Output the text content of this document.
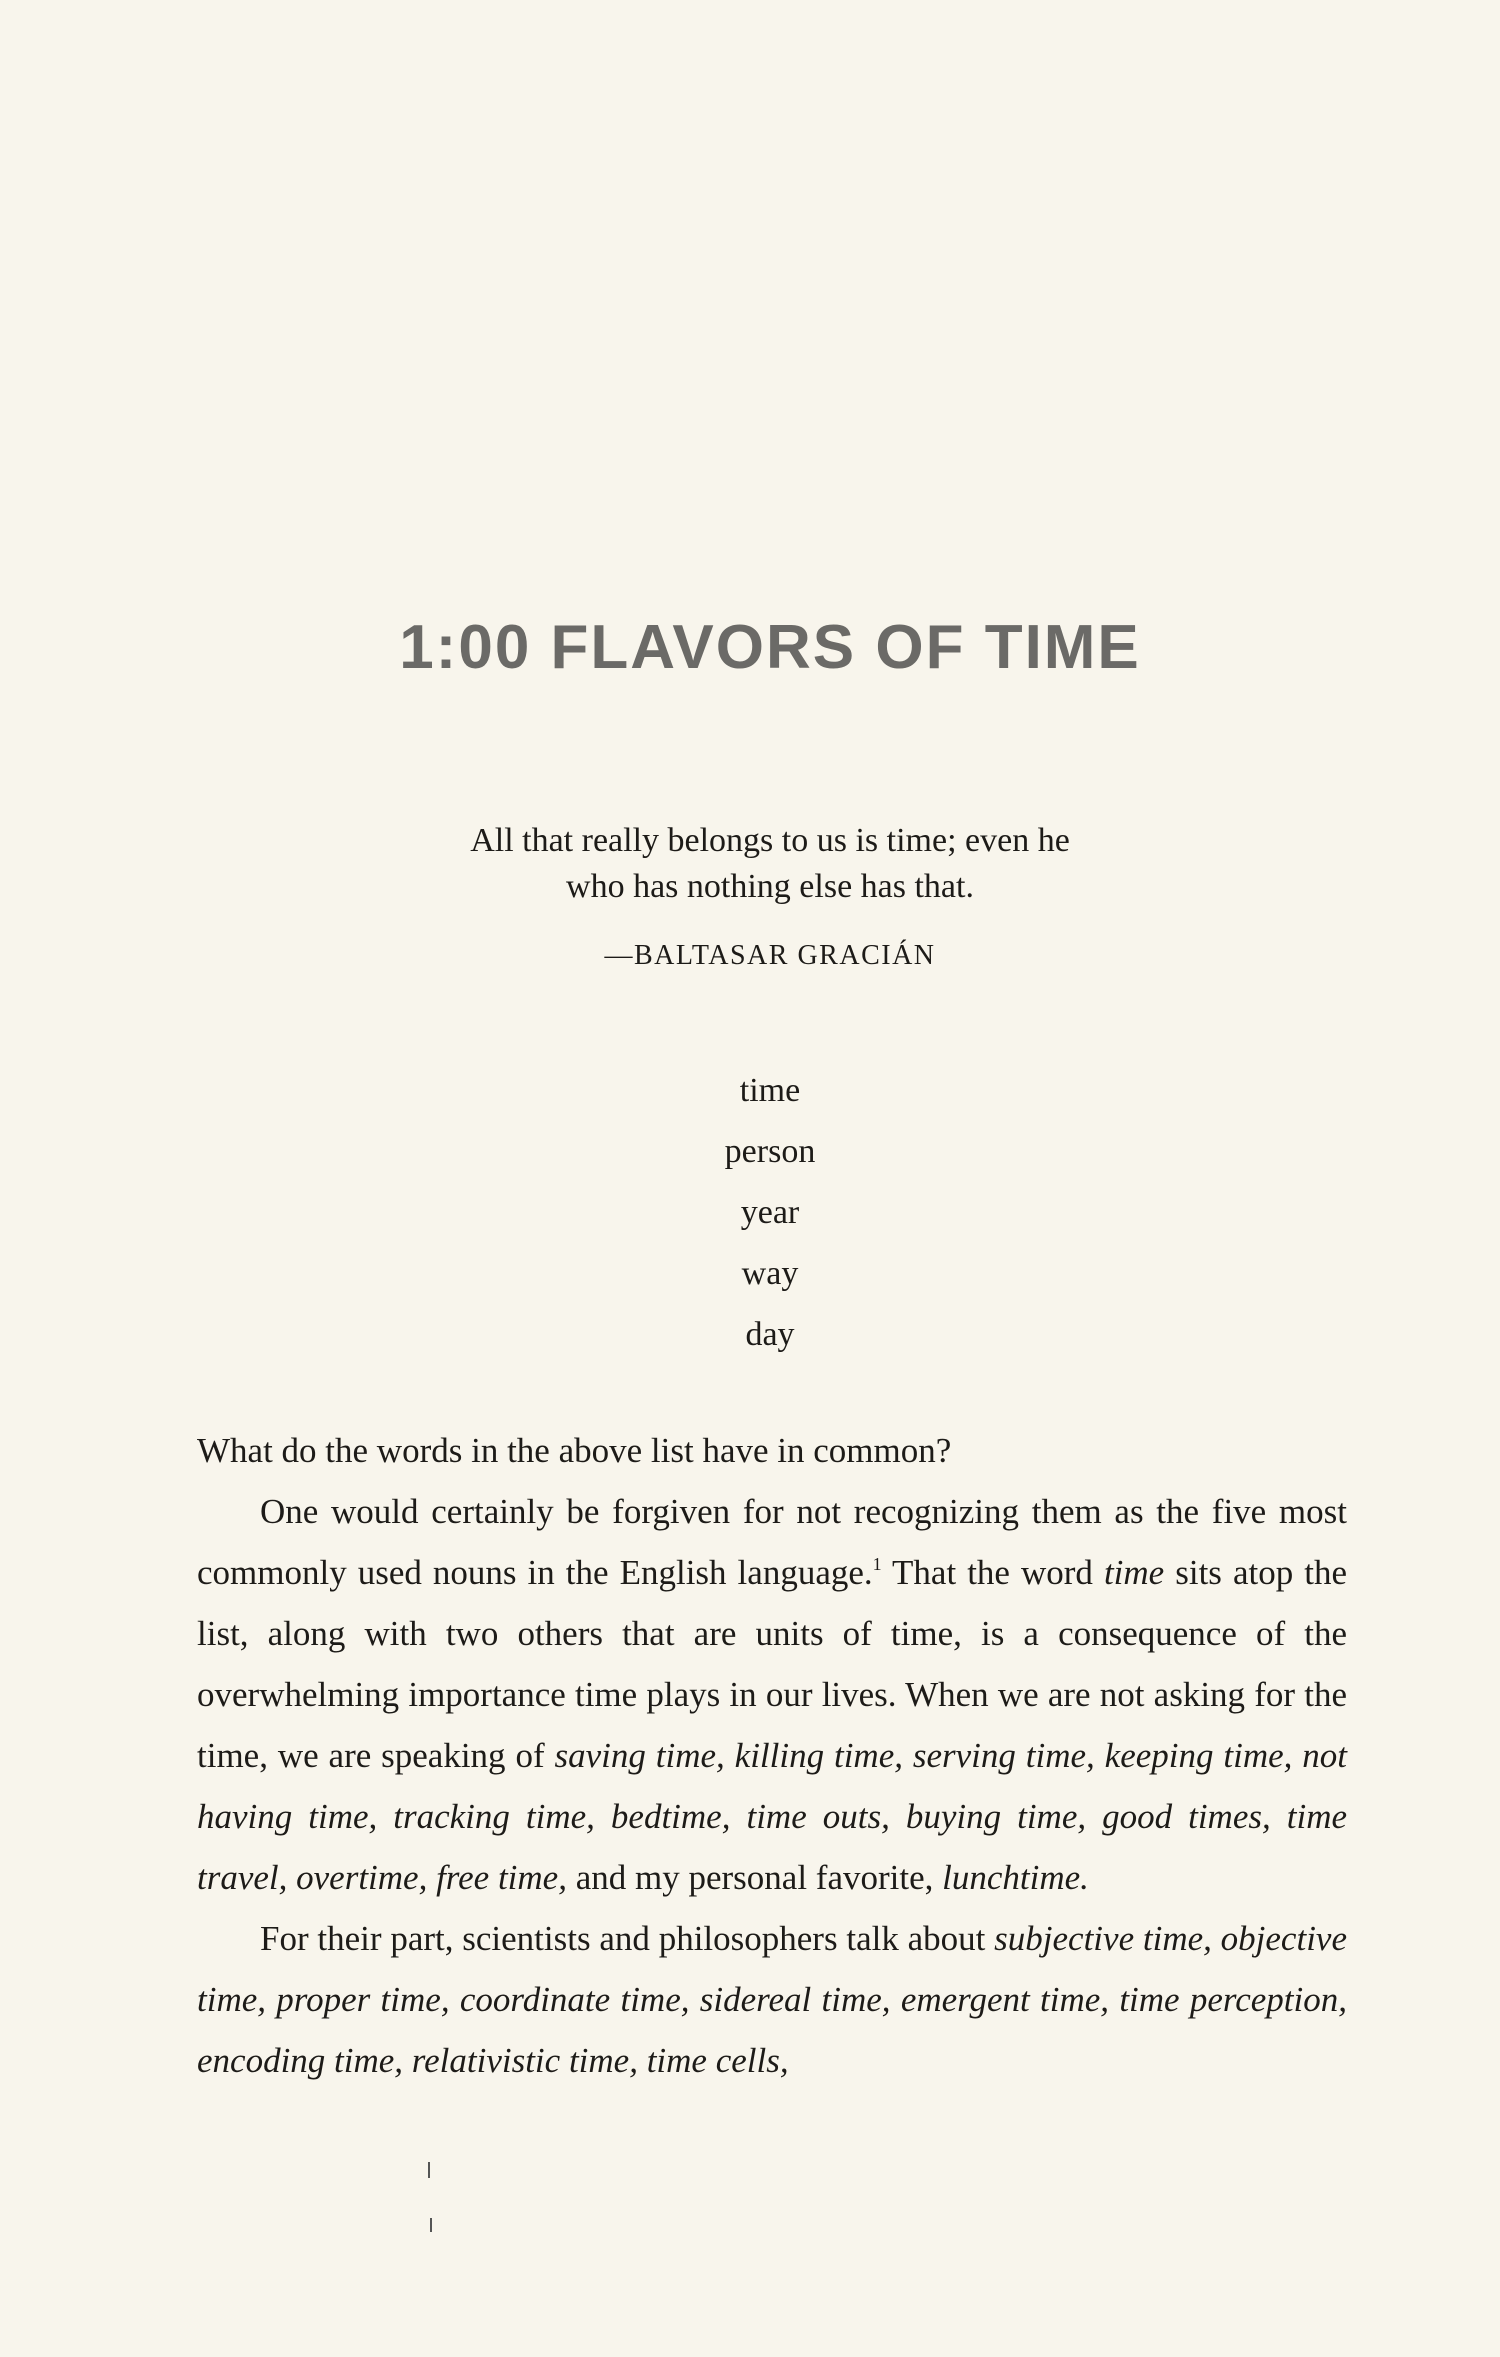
1:00 FLAVORS OF TIME
All that really belongs to us is time; even he
who has nothing else has that.
—BALTASAR GRACIÁN
time
person
year
way
day

What do the words in the above list have in common?

One would certainly be forgiven for not recognizing them as the five most commonly used nouns in the English language.$^1$ That the word time sits atop the list, along with two others that are units of time, is a consequence of the overwhelming importance time plays in our lives. When we are not asking for the time, we are speaking of saving time, killing time, serving time, keeping time, not having time, tracking time, bedtime, time outs, buying time, good times, time travel, overtime, free time, and my personal favorite, lunchtime.

For their part, scientists and philosophers talk about subjective time, objective time, proper time, coordinate time, sidereal time, emergent time, time perception, encoding time, relativistic time, time cells,
